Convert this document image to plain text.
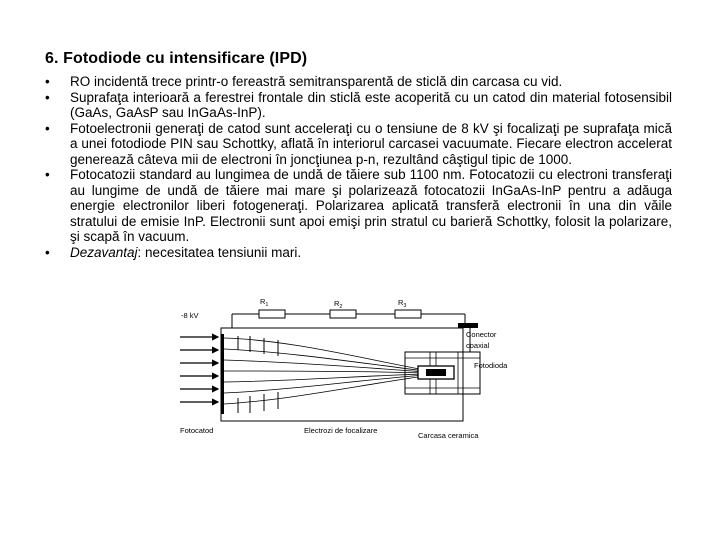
6. Fotodiode cu intensificare (IPD)
• RO incidentă trece printr-o fereastră semitransparentă de sticlă din carcasa cu vid.
• Suprafaţa interioară a ferestrei frontale din sticlă este acoperită cu un catod din material fotosensibil (GaAs, GaAsP sau InGaAs-InP).
• Fotoelectronii generaţi de catod sunt acceleraţi cu o tensiune de 8 kV şi focalizaţi pe suprafaţa mică a unei fotodiode PIN sau Schottky, aflată în interiorul carcasei vacuumate. Fiecare electron accelerat generează câteva mii de electroni în joncţiunea p-n, rezultând câştigul tipic de 1000.
• Fotocatozii standard au lungimea de undă de tăiere sub 1100 nm. Fotocatozii cu electroni transferaţi au lungime de undă de tăiere mai mare şi polarizează fotocatozii InGaAs-InP pentru a adăuga energie electronilor liberi fotogeneraţi. Polarizarea aplicată transferă electronii în una din văile stratului de emisie InP. Electronii sunt apoi emişi prin stratul cu barieră Schottky, folosit la polarizare, şi scapă în vacuum.
• Dezavantaj: necesitatea tensiunii mari.
-8 kV
$R_1$	$R_2$	$R_3$
Conector
coaxial
Fotodioda
Fotocatod	Electrozi de focalizare
Carcasa ceramica
